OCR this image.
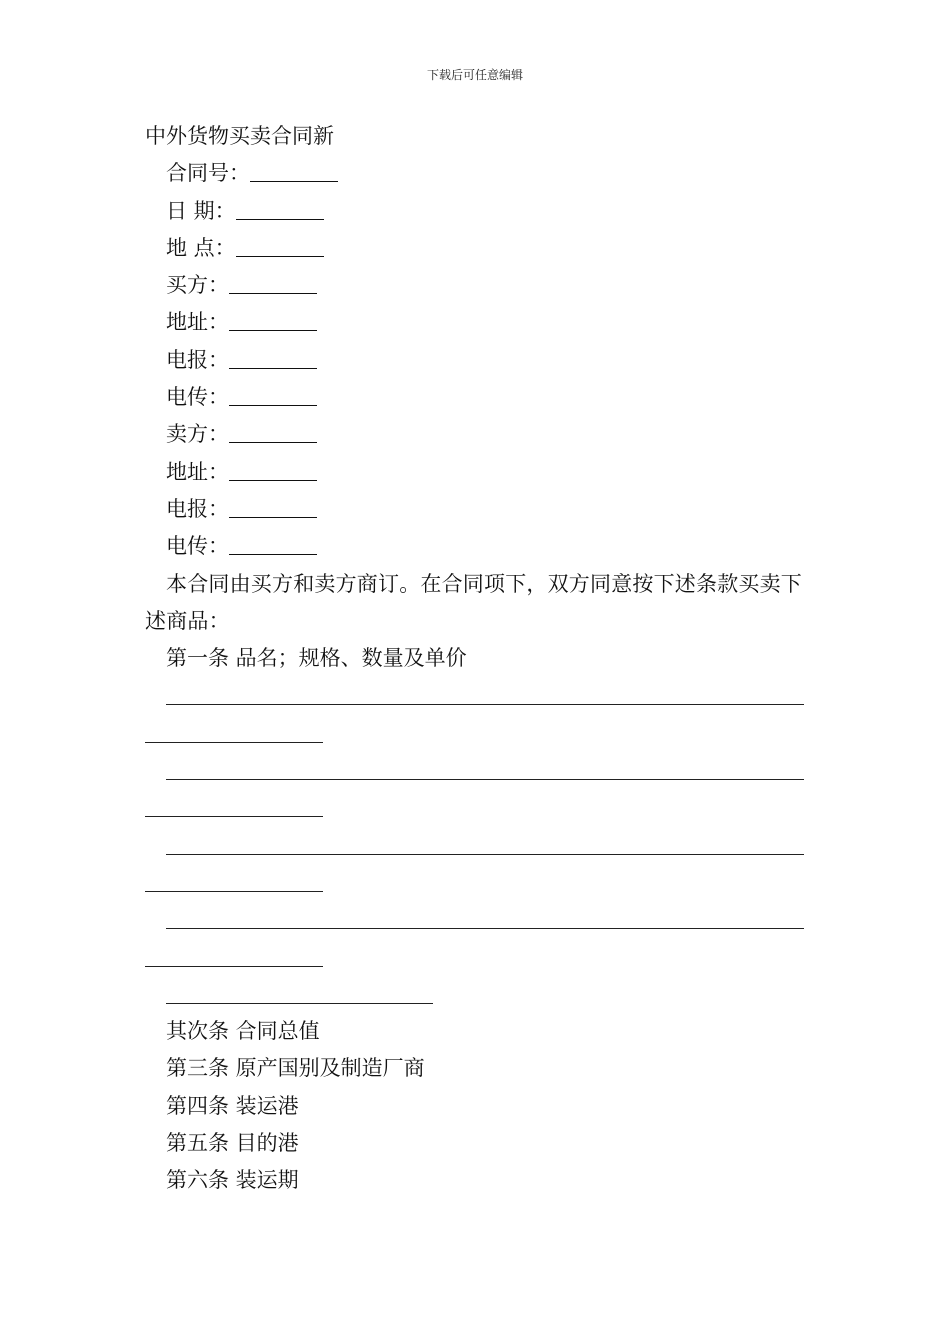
下载后可任意编辑
中外货物买卖合同新
合同号：
日 期：
地 点：
买方：
地址：
电报：
电传：
卖方：
地址：
电报：
电传：

本合同由买方和卖方商订。在合同项下，双方同意按下述条款买卖下述商品：

第一条 品名；规格、数量及单价
其次条 合同总值
第三条 原产国别及制造厂商
第四条 装运港
第五条 目的港
第六条 装运期
